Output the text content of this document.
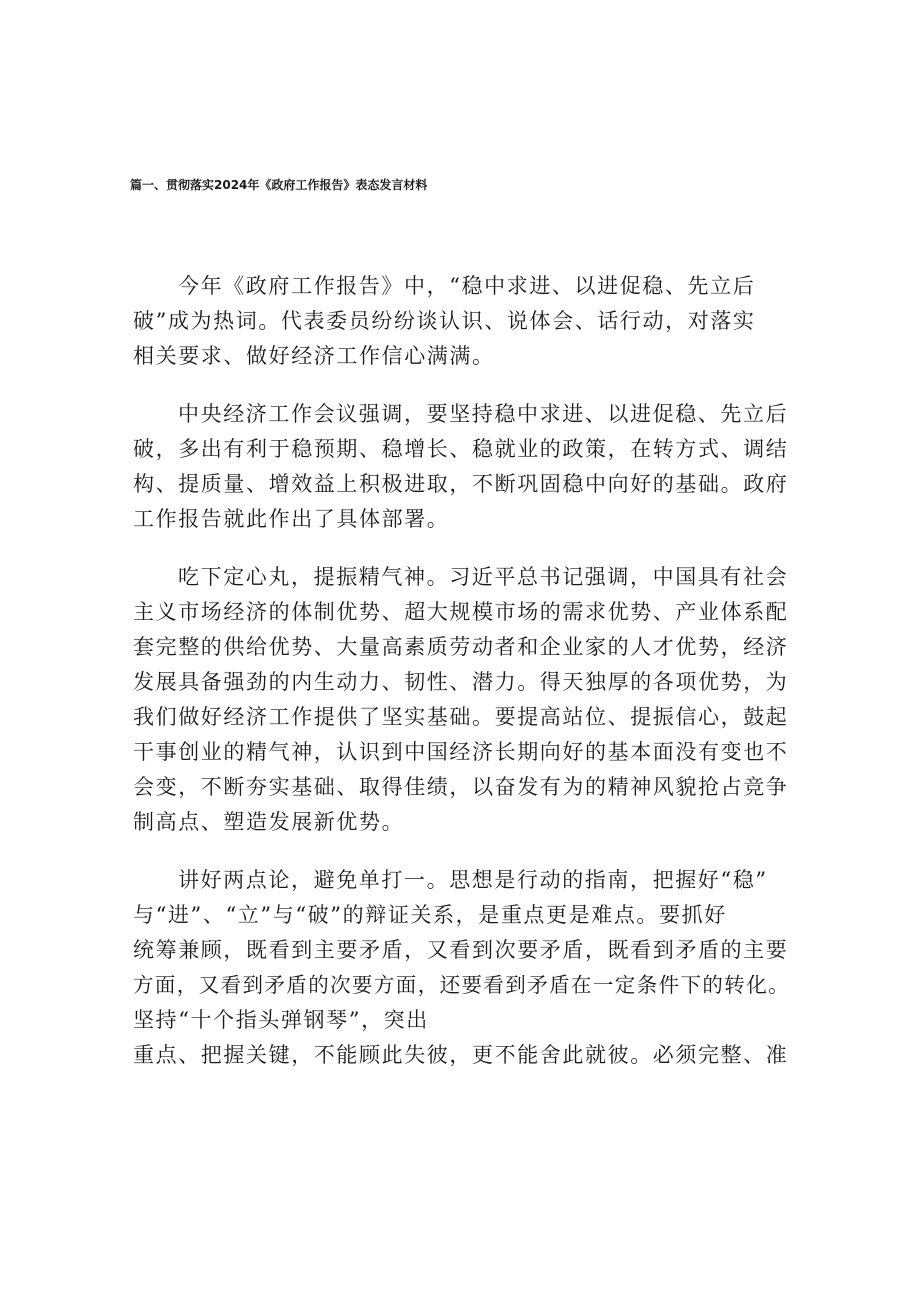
篇一、贯彻落实2024年《政府工作报告》表态发言材料
今年《政府工作报告》中，“稳中求进、以进促稳、先立后
破”成为热词。代表委员纷纷谈认识、说体会、话行动，对落实
相关要求、做好经济工作信心满满。
中央经济工作会议强调，要坚持稳中求进、以进促稳、先立后
破，多出有利于稳预期、稳增长、稳就业的政策，在转方式、调结
构、提质量、增效益上积极进取，不断巩固稳中向好的基础。政府
工作报告就此作出了具体部署。
吃下定心丸，提振精气神。习近平总书记强调，中国具有社会
主义市场经济的体制优势、超大规模市场的需求优势、产业体系配
套完整的供给优势、大量高素质劳动者和企业家的人才优势，经济
发展具备强劲的内生动力、韧性、潜力。得天独厚的各项优势，为
我们做好经济工作提供了坚实基础。要提高站位、提振信心，鼓起
干事创业的精气神，认识到中国经济长期向好的基本面没有变也不
会变，不断夯实基础、取得佳绩，以奋发有为的精神风貌抢占竞争
制高点、塑造发展新优势。
讲好两点论，避免单打一。思想是行动的指南，把握好“稳”
与“进”、“立”与“破”的辩证关系，是重点更是难点。要抓好
统筹兼顾，既看到主要矛盾，又看到次要矛盾，既看到矛盾的主要
方面，又看到矛盾的次要方面，还要看到矛盾在一定条件下的转化。
坚持“十个指头弹钢琴”，突出
重点、把握关键，不能顾此失彼，更不能舍此就彼。必须完整、准
